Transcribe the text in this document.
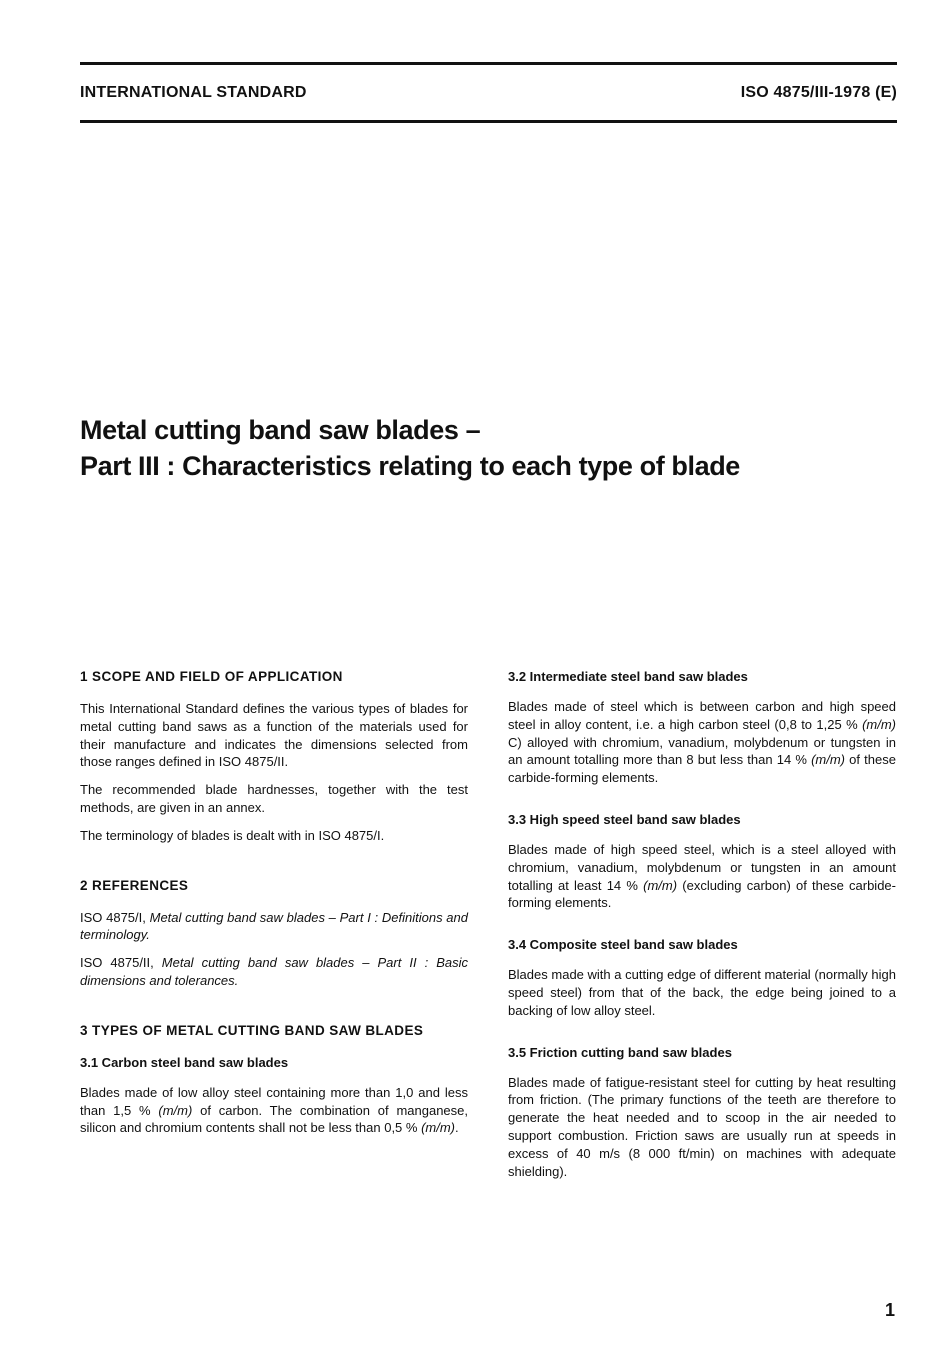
INTERNATIONAL STANDARD	ISO 4875/III-1978 (E)
Metal cutting band saw blades –
Part III : Characteristics relating to each type of blade
1 SCOPE AND FIELD OF APPLICATION

This International Standard defines the various types of blades for metal cutting band saws as a function of the materials used for their manufacture and indicates the dimensions selected from those ranges defined in ISO 4875/II.

The recommended blade hardnesses, together with the test methods, are given in an annex.

The terminology of blades is dealt with in ISO 4875/I.

2 REFERENCES

ISO 4875/I, Metal cutting band saw blades – Part I : Definitions and terminology.

ISO 4875/II, Metal cutting band saw blades – Part II : Basic dimensions and tolerances.

3 TYPES OF METAL CUTTING BAND SAW BLADES
3.1 Carbon steel band saw blades

Blades made of low alloy steel containing more than 1,0 and less than 1,5 % (m/m) of carbon. The combination of manganese, silicon and chromium contents shall not be less than 0,5 % (m/m).

3.2 Intermediate steel band saw blades

Blades made of steel which is between carbon and high speed steel in alloy content, i.e. a high carbon steel (0,8 to 1,25 % (m/m) C) alloyed with chromium, vanadium, molybdenum or tungsten in an amount totalling more than 8 but less than 14 % (m/m) of these carbide-forming elements.

3.3 High speed steel band saw blades

Blades made of high speed steel, which is a steel alloyed with chromium, vanadium, molybdenum or tungsten in an amount totalling at least 14 % (m/m) (excluding carbon) of these carbide-forming elements.

3.4 Composite steel band saw blades

Blades made with a cutting edge of different material (normally high speed steel) from that of the back, the edge being joined to a backing of low alloy steel.

3.5 Friction cutting band saw blades

Blades made of fatigue-resistant steel for cutting by heat resulting from friction. (The primary functions of the teeth are therefore to generate the heat needed and to scoop in the air needed to support combustion. Friction saws are usually run at speeds in excess of 40 m/s (8 000 ft/min) on machines with adequate shielding).

1
